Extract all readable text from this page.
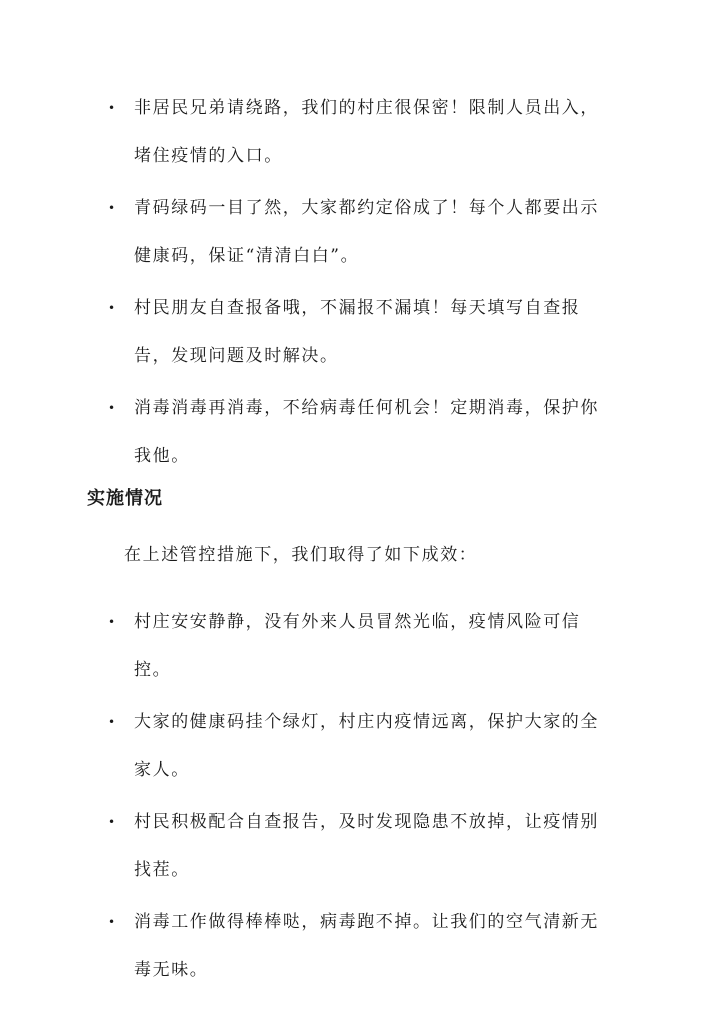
• 非居民兄弟请绕路，我们的村庄很保密！限制人员出入，堵住疫情的入口。
• 青码绿码一目了然，大家都约定俗成了！每个人都要出示健康码，保证“清清白白”。
• 村民朋友自查报备哦，不漏报不漏填！每天填写自查报告，发现问题及时解决。
• 消毒消毒再消毒，不给病毒任何机会！定期消毒，保护你我他。
实施情况
在上述管控措施下，我们取得了如下成效：
• 村庄安安静静，没有外来人员冒然光临，疫情风险可信控。
• 大家的健康码挂个绿灯，村庄内疫情远离，保护大家的全家人。
• 村民积极配合自查报告，及时发现隐患不放掉，让疫情别找茬。
• 消毒工作做得棒棒哒，病毒跑不掉。让我们的空气清新无毒无味。
